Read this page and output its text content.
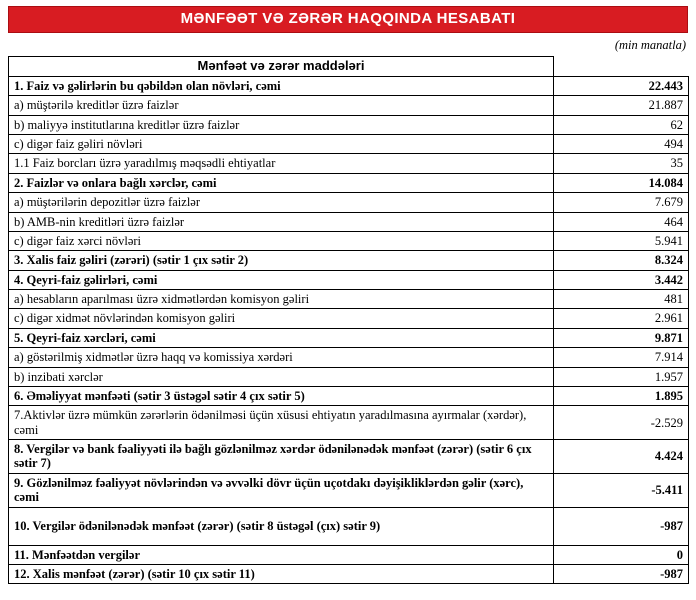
MƏNFƏƏT VƏ ZƏRƏR HAQQINDA HESABATI
(min manatla)
Mənfəət və zərər maddələri	
1. Faiz və gəlirlərin bu qəbildən olan növləri, cəmi	22.443
a) müştərilə kreditlər üzrə faizlər	21.887
b) maliyyə institutlarına kreditlər üzrə faizlər	62
c) digər faiz gəliri növləri	494
1.1 Faiz borcları üzrə yaradılmış məqsədli ehtiyatlar	35
2. Faizlər və onlara bağlı xərclər, cəmi	14.084
a) müştərilərin depozitlər üzrə faizlər	7.679
b) AMB-nin kreditləri üzrə faizlər	464
c) digər faiz xərci növləri	5.941
3. Xalis faiz gəliri (zərəri) (sətir 1 çıx sətir 2)	8.324
4. Qeyri-faiz gəlirləri, cəmi	3.442
a) hesabların aparılması üzrə xidmətlərdən komisyon gəliri	481
c) digər xidmət növlərindən komisyon gəliri	2.961
5. Qeyri-faiz xərcləri, cəmi	9.871
a) göstərilmiş xidmətlər üzrə haqq və komissiya xərdəri	7.914
b) inzibati xərclər	1.957
6. Əməliyyat mənfəəti (sətir 3 üstəgəl sətir 4 çıx sətir 5)	1.895
7.Aktivlər üzrə mümkün zərərlərin ödənilməsi üçün xüsusi ehtiyatın yaradılmasına ayırmalar (xərdər), cəmi	-2.529
8. Vergilər və bank fəaliyyəti ilə bağlı gözlənilməz xərdər ödənilənədək mənfəət (zərər) (sətir 6 çıx sətir 7)	4.424
9. Gözlənilməz fəaliyyət növlərindən və əvvəlki dövr üçün uçotdakı dəyişikliklərdən gəlir (xərc), cəmi	-5.411
10. Vergilər ödənilənədək mənfəət (zərər) (sətir 8 üstəgəl (çıx) sətir 9)	-987
11. Mənfəətdən vergilər	0
12. Xalis mənfəət (zərər) (sətir 10 çıx sətir 11)	-987
